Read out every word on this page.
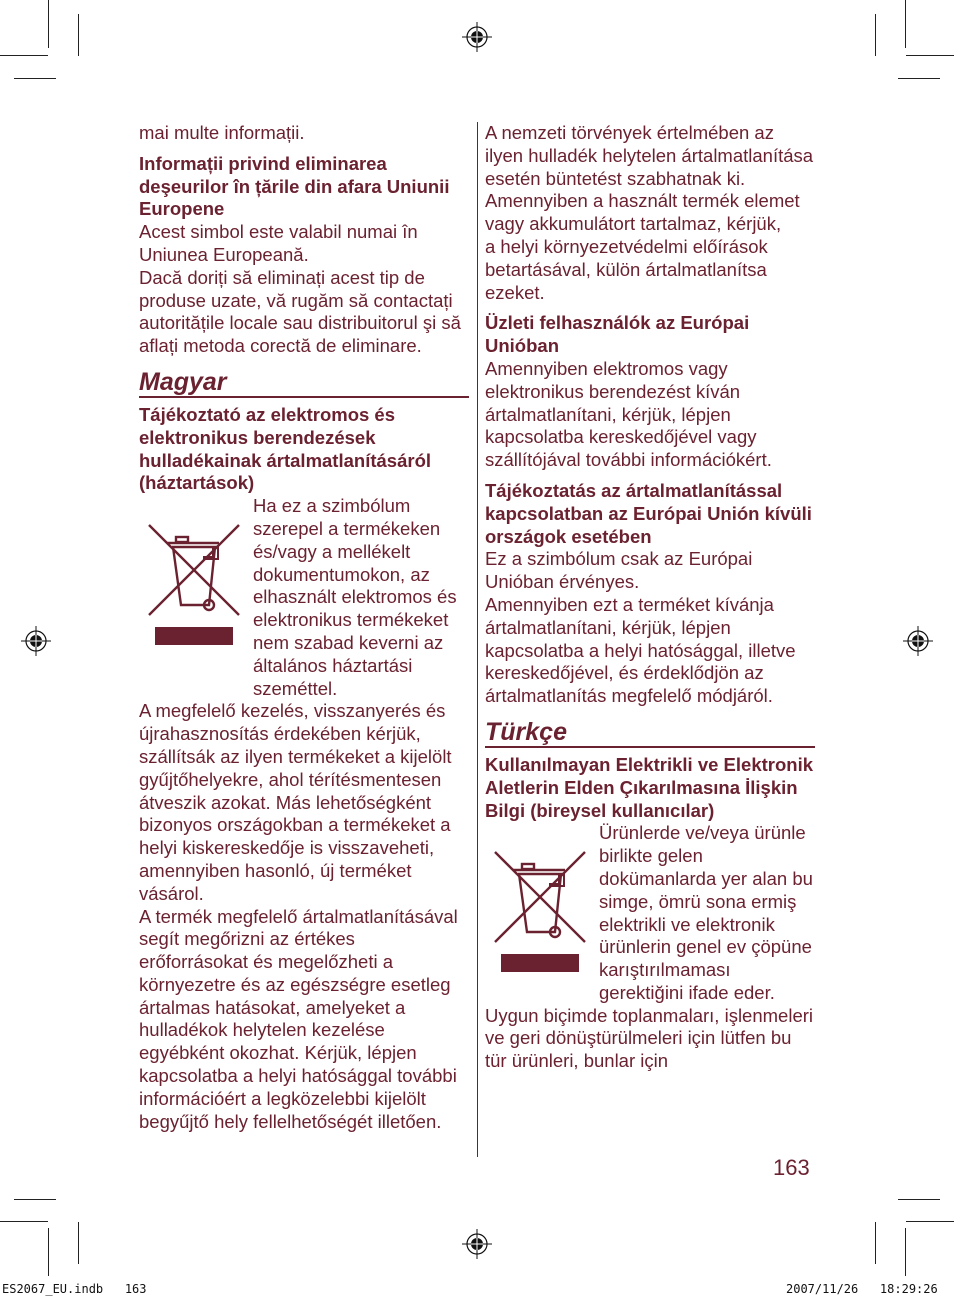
mai multe informații.
Informații privind eliminarea deşeurilor în țările din afara Uniunii Europene
Acest simbol este valabil numai în Uniunea Europeană.
Dacă doriți să eliminați acest tip de produse uzate, vă rugăm să contactați autoritățile locale sau distribuitorul şi să aflați metoda corectă de eliminare.
Magyar
Tájékoztató az elektromos és elektronikus berendezések hulladékainak ártalmatlanításáról (háztartások)
Ha ez a szimbólum szerepel a termékeken és/vagy a mellékelt dokumentumokon, az elhasznált elektromos és elektronikus termékeket nem szabad keverni az általános háztartási szeméttel.
A megfelelő kezelés, visszanyerés és újrahasznosítás érdekében kérjük, szállítsák az ilyen termékeket a kijelölt gyűjtőhelyekre, ahol térítésmentesen átveszik azokat. Más lehetőségként bizonyos országokban a termékeket a helyi kiskereskedője is visszaveheti, amennyiben hasonló, új terméket vásárol.
A termék megfelelő ártalmatlanításával segít megőrizni az értékes erőforrásokat és megelőzheti a környezetre és az egészségre esetleg ártalmas hatásokat, amelyeket a hulladékok helytelen kezelése egyébként okozhat. Kérjük, lépjen kapcsolatba a helyi hatósággal további információért a legközelebbi kijelölt begyűjtő hely fellelhetőségét illetően.
A nemzeti törvények értelmében az ilyen hulladék helytelen ártalmatlanítása esetén büntetést szabhatnak ki. Amennyiben a használt termék elemet vagy akkumulátort tartalmaz, kérjük,
a helyi környezetvédelmi előírások betartásával, külön ártalmatlanítsa ezeket.
Üzleti felhasználók az Európai Unióban
Amennyiben elektromos vagy elektronikus berendezést kíván ártalmatlanítani, kérjük, lépjen kapcsolatba kereskedőjével vagy szállítójával további információkért.
Tájékoztatás az ártalmatlanítással kapcsolatban az Európai Unión kívüli országok esetében
Ez a szimbólum csak az Európai Unióban érvényes.
Amennyiben ezt a terméket kívánja ártalmatlanítani, kérjük, lépjen kapcsolatba a helyi hatósággal, illetve kereskedőjével, és érdeklődjön az ártalmatlanítás megfelelő módjáról.
Türkçe
Kullanılmayan Elektrikli ve Elektronik Aletlerin Elden Çıkarılmasına İlişkin Bilgi (bireysel kullanıcılar)
Ürünlerde ve/veya ürünle birlikte gelen dokümanlarda yer alan bu simge, ömrü sona ermiş elektrikli ve elektronik ürünlerin genel ev çöpüne karıştırılmaması gerektiğini ifade eder.
Uygun biçimde toplanmaları, işlenmeleri ve geri dönüştürülmeleri için lütfen bu tür ürünleri, bunlar için
163
ES2067_EU.indb   163	2007/11/26   18:29:26
